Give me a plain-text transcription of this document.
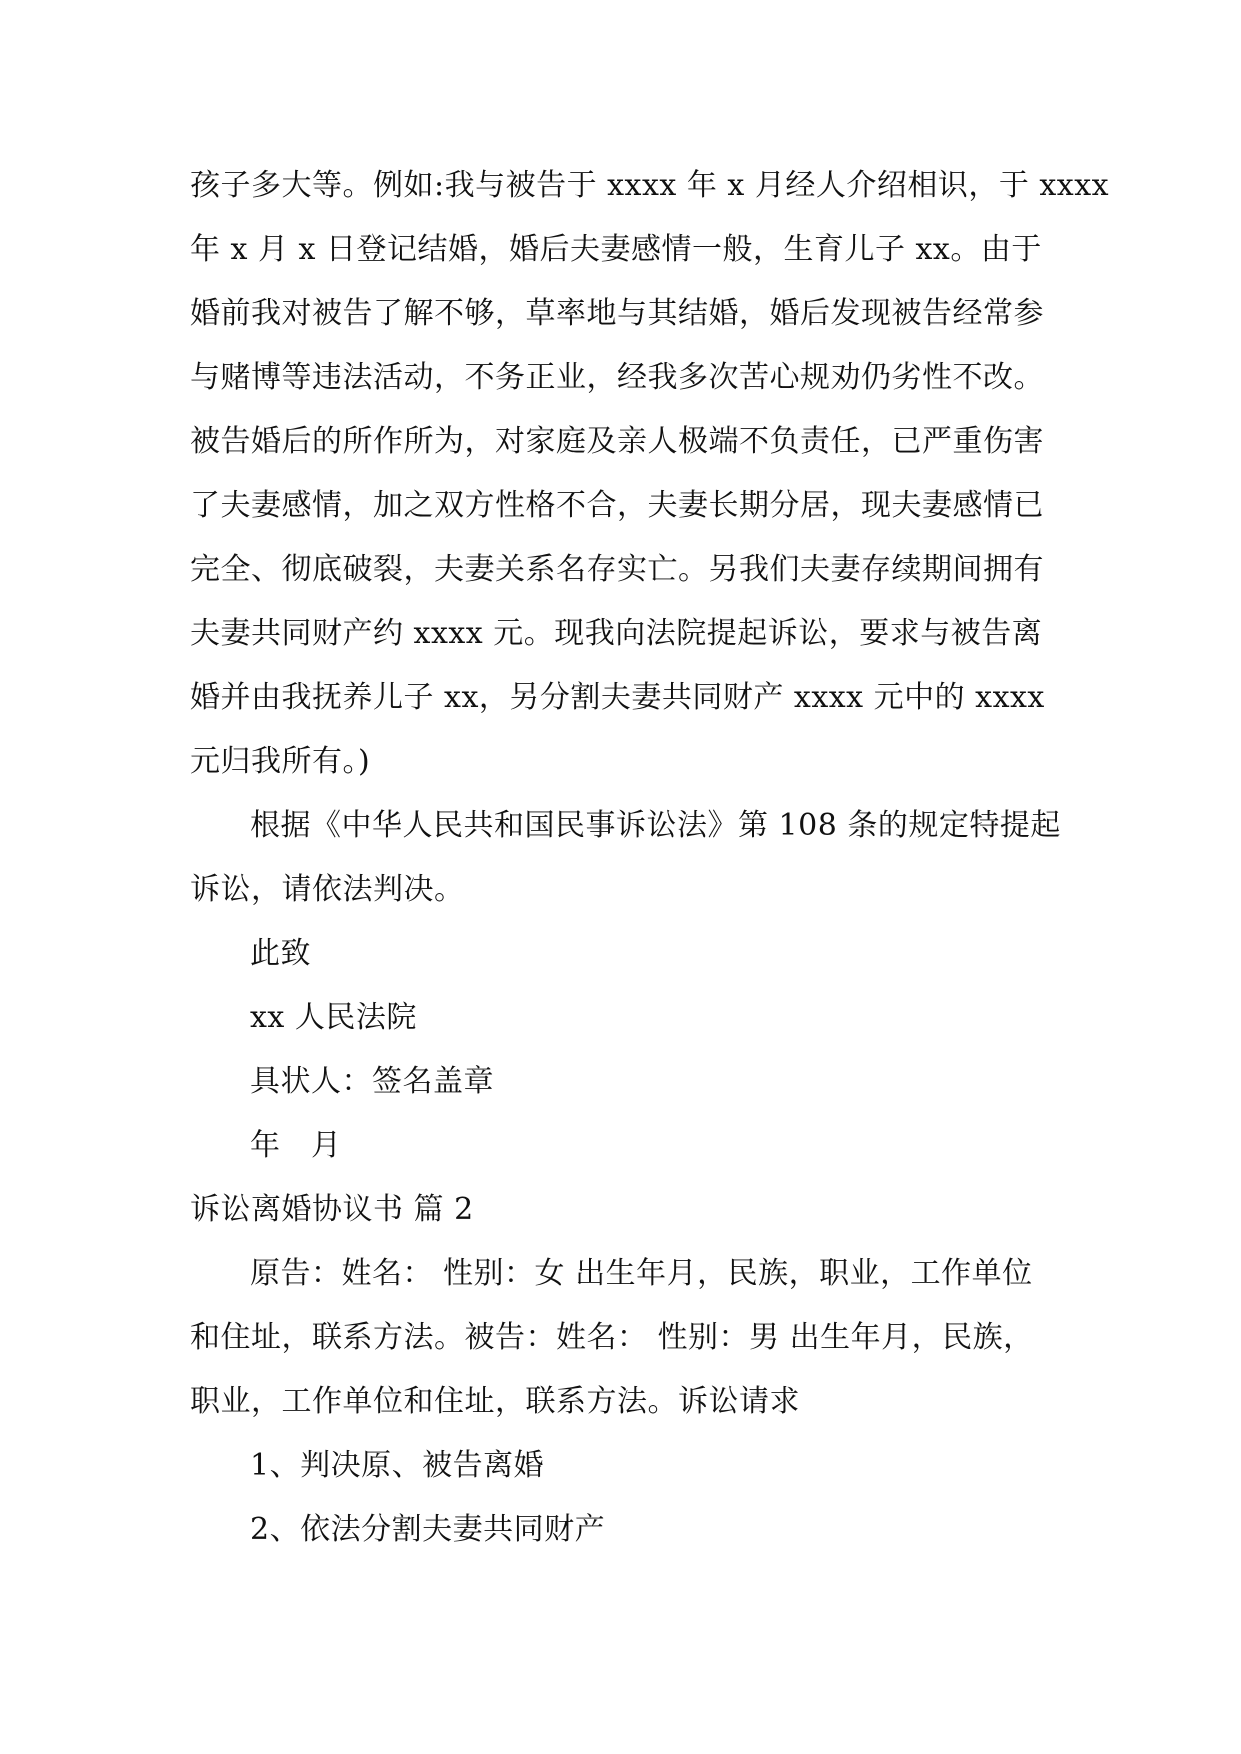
孩子多大等。例如:我与被告于 xxxx 年 x 月经人介绍相识，于 xxxx
年 x 月 x 日登记结婚，婚后夫妻感情一般，生育儿子 xx。由于
婚前我对被告了解不够，草率地与其结婚，婚后发现被告经常参
与赌博等违法活动，不务正业，经我多次苦心规劝仍劣性不改。
被告婚后的所作所为，对家庭及亲人极端不负责任，已严重伤害
了夫妻感情，加之双方性格不合，夫妻长期分居，现夫妻感情已
完全、彻底破裂，夫妻关系名存实亡。另我们夫妻存续期间拥有
夫妻共同财产约 xxxx 元。现我向法院提起诉讼，要求与被告离
婚并由我抚养儿子 xx，另分割夫妻共同财产 xxxx 元中的 xxxx
元归我所有。)
根据《中华人民共和国民事诉讼法》第 108 条的规定特提起
诉讼，请依法判决。
此致
xx 人民法院
具状人：签名盖章
年　月
诉讼离婚协议书 篇 2
原告：姓名： 性别：女 出生年月，民族，职业，工作单位
和住址，联系方法。被告：姓名： 性别：男 出生年月，民族，
职业，工作单位和住址，联系方法。诉讼请求
1、判决原、被告离婚
2、依法分割夫妻共同财产
